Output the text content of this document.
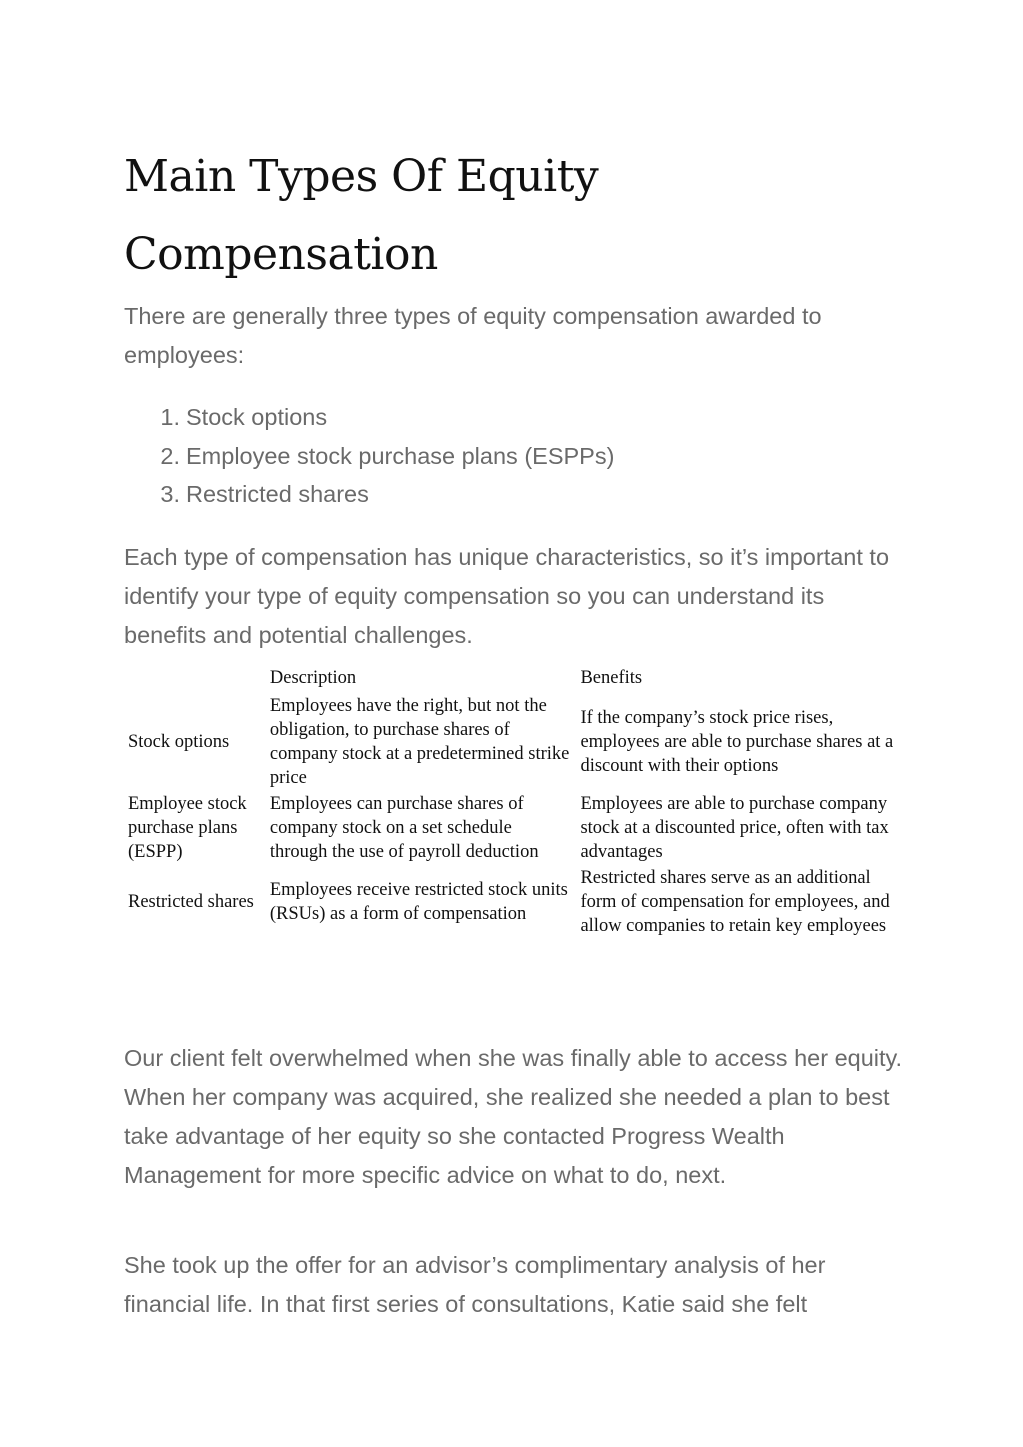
Main Types Of Equity Compensation

There are generally three types of equity compensation awarded to employees:

1. Stock options
2. Employee stock purchase plans (ESPPs)
3. Restricted shares

Each type of compensation has unique characteristics, so it’s important to identify your type of equity compensation so you can understand its benefits and potential challenges.

	Description	Benefits
Stock options	Employees have the right, but not the obligation, to purchase shares of company stock at a predetermined strike price	If the company’s stock price rises, employees are able to purchase shares at a discount with their options
Employee stock purchase plans (ESPP)	Employees can purchase shares of company stock on a set schedule through the use of payroll deduction	Employees are able to purchase company stock at a discounted price, often with tax advantages
Restricted shares	Employees receive restricted stock units (RSUs) as a form of compensation	Restricted shares serve as an additional form of compensation for employees, and allow companies to retain key employees

Our client felt overwhelmed when she was finally able to access her equity. When her company was acquired, she realized she needed a plan to best take advantage of her equity so she contacted Progress Wealth Management for more specific advice on what to do, next.

She took up the offer for an advisor’s complimentary analysis of her financial life. In that first series of consultations, Katie said she felt
